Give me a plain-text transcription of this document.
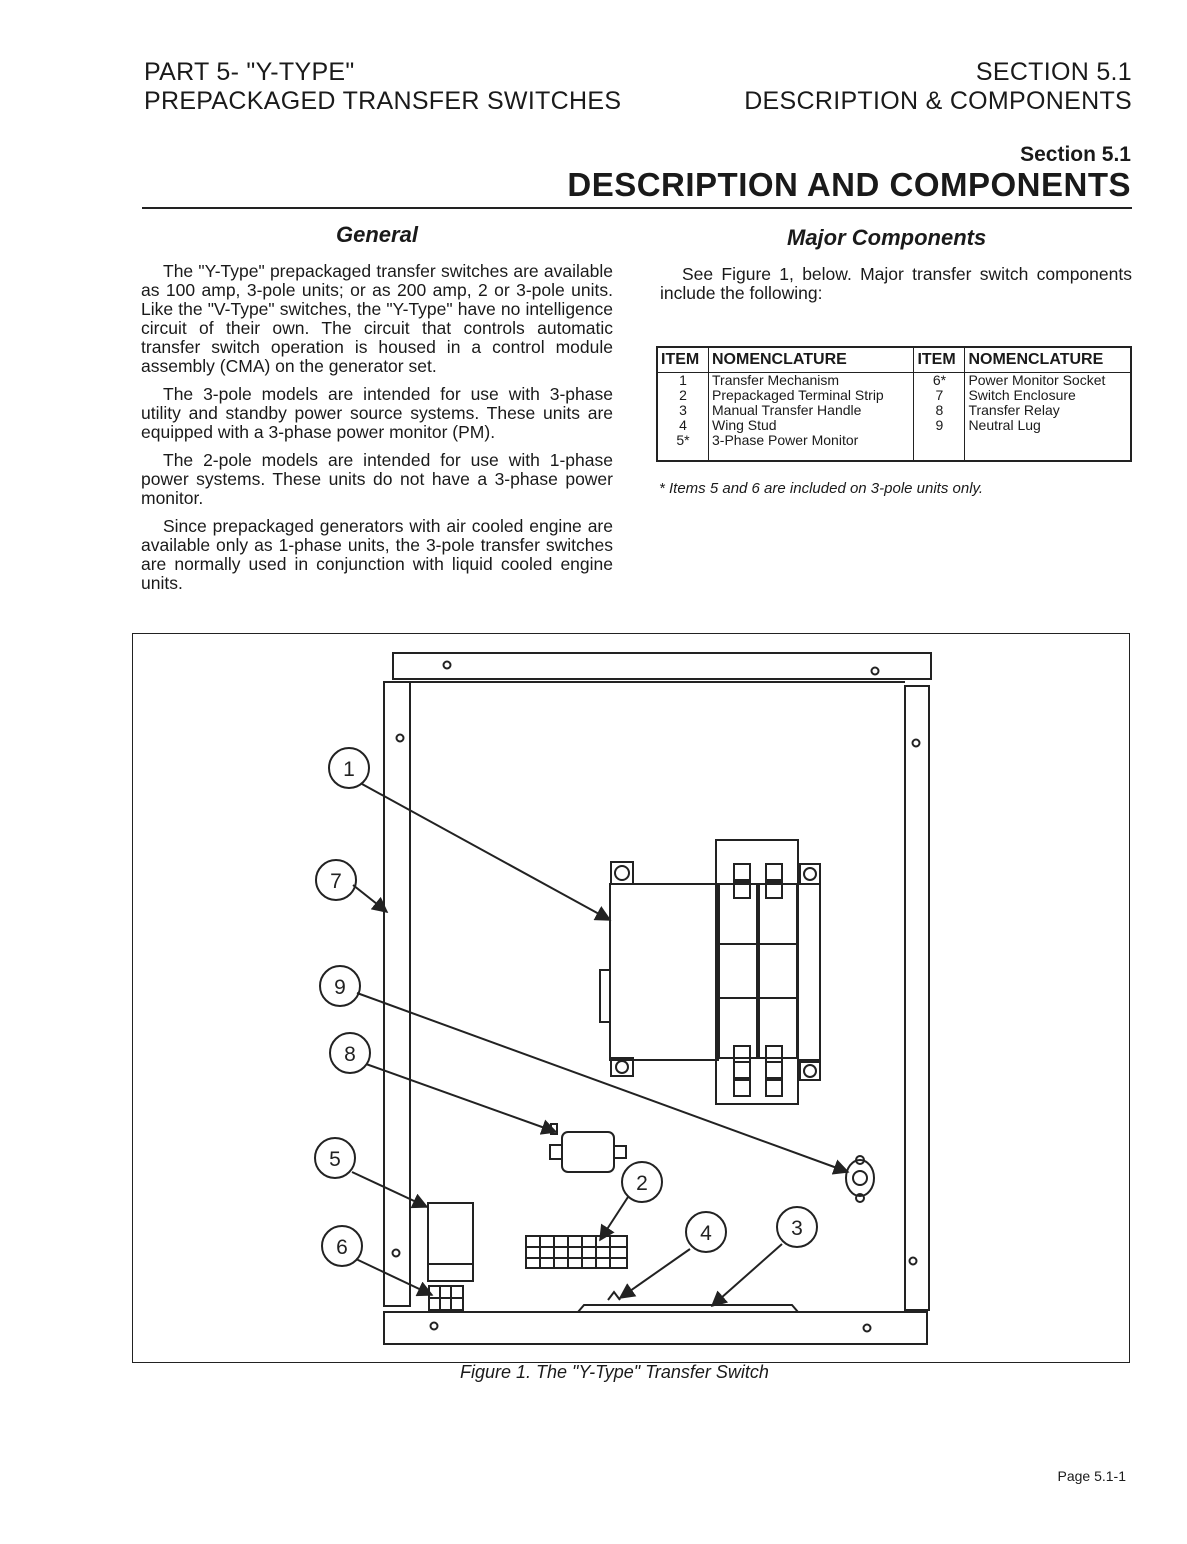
PART 5- "Y-TYPE"
PREPACKAGED TRANSFER SWITCHES
SECTION 5.1
DESCRIPTION & COMPONENTS
Section 5.1
DESCRIPTION AND COMPONENTS
General	Major Components

The "Y-Type" prepackaged transfer switches are available as 100 amp, 3-pole units; or as 200 amp, 2 or 3-pole units. Like the "V-Type" switches, the "Y-Type" have no intelligence circuit of their own. The circuit that controls automatic transfer switch operation is housed in a control module assembly (CMA) on the generator set.

The 3-pole models are intended for use with 3-phase utility and standby power source systems. These units are equipped with a 3-phase power monitor (PM).

The 2-pole models are intended for use with 1-phase power systems. These units do not have a 3-phase power monitor.

Since prepackaged generators with air cooled engine are available only as 1-phase units, the 3-pole transfer switches are normally used in conjunction with liquid cooled engine units.

See Figure 1, below. Major transfer switch components include the following:

ITEM	NOMENCLATURE	ITEM	NOMENCLATURE
1	Transfer Mechanism	6*	Power Monitor Socket
2	Prepackaged Terminal Strip	7	Switch Enclosure
3	Manual Transfer Handle	8	Transfer Relay
4	Wing Stud	9	Neutral Lug
5*	3-Phase Power Monitor		
* Items 5 and 6 are included on 3-pole units only.
1
2
3
4
5
6
7
8
9
Figure 1. The "Y-Type" Transfer Switch
Page 5.1-1
